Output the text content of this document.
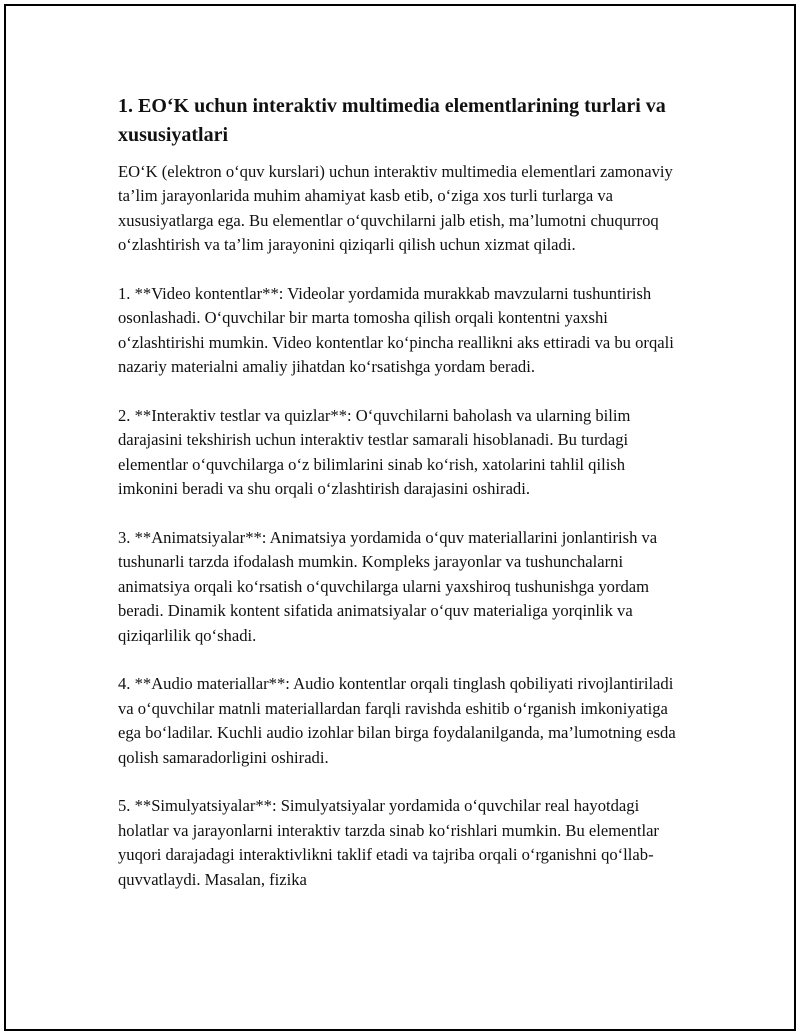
1. EO‘K uchun interaktiv multimedia elementlarining turlari va xususiyatlari

EO‘K (elektron o‘quv kurslari) uchun interaktiv multimedia elementlari zamonaviy ta’lim jarayonlarida muhim ahamiyat kasb etib, o‘ziga xos turli turlarga va xususiyatlarga ega. Bu elementlar o‘quvchilarni jalb etish, ma’lumotni chuqurroq o‘zlashtirish va ta’lim jarayonini qiziqarli qilish uchun xizmat qiladi.

1. **Video kontentlar**: Videolar yordamida murakkab mavzularni tushuntirish osonlashadi. O‘quvchilar bir marta tomosha qilish orqali kontentni yaxshi o‘zlashtirishi mumkin. Video kontentlar ko‘pincha reallikni aks ettiradi va bu orqali nazariy materialni amaliy jihatdan ko‘rsatishga yordam beradi.

2. **Interaktiv testlar va quizlar**: O‘quvchilarni baholash va ularning bilim darajasini tekshirish uchun interaktiv testlar samarali hisoblanadi. Bu turdagi elementlar o‘quvchilarga o‘z bilimlarini sinab ko‘rish, xatolarini tahlil qilish imkonini beradi va shu orqali o‘zlashtirish darajasini oshiradi.

3. **Animatsiyalar**: Animatsiya yordamida o‘quv materiallarini jonlantirish va tushunarli tarzda ifodalash mumkin. Kompleks jarayonlar va tushunchalarni animatsiya orqali ko‘rsatish o‘quvchilarga ularni yaxshiroq tushunishga yordam beradi. Dinamik kontent sifatida animatsiyalar o‘quv materialiga yorqinlik va qiziqarlilik qo‘shadi.

4. **Audio materiallar**: Audio kontentlar orqali tinglash qobiliyati rivojlantiriladi va o‘quvchilar matnli materiallardan farqli ravishda eshitib o‘rganish imkoniyatiga ega bo‘ladilar. Kuchli audio izohlar bilan birga foydalanilganda, ma’lumotning esda qolish samaradorligini oshiradi.

5. **Simulyatsiyalar**: Simulyatsiyalar yordamida o‘quvchilar real hayotdagi holatlar va jarayonlarni interaktiv tarzda sinab ko‘rishlari mumkin. Bu elementlar yuqori darajadagi interaktivlikni taklif etadi va tajriba orqali o‘rganishni qo‘llab-quvvatlaydi. Masalan, fizika
